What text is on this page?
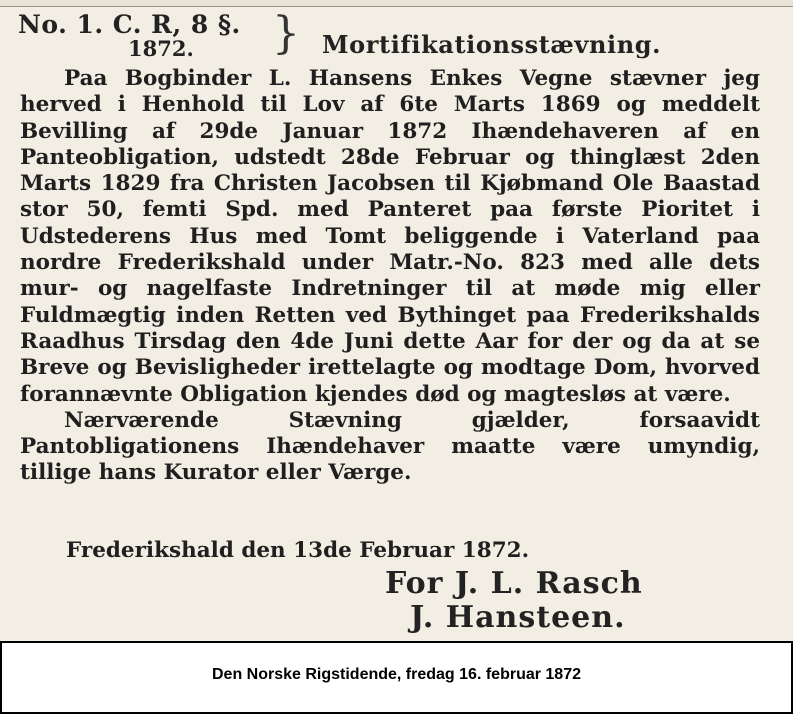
No. 1. C. R, 8 §.
1872. } Mortifikationsstævning.

Paa Bogbinder L. Hansens Enkes Vegne stævner jeg herved i Henhold til Lov af 6te Marts 1869 og meddelt Bevilling af 29de Januar 1872 Ihændehaveren af en Panteobligation, udstedt 28de Februar og thinglæst 2den Marts 1829 fra Christen Jacobsen til Kjøbmand Ole Baastad stor 50, femti Spd. med Panteret paa første Pioritet i Udstederens Hus med Tomt beliggende i Vaterland paa nordre Frederikshald under Matr.-No. 823 med alle dets mur- og nagelfaste Indretninger til at møde mig eller Fuldmægtig inden Retten ved Bythinget paa Frederikshalds Raadhus Tirsdag den 4de Juni dette Aar for der og da at se Breve og Bevisligheder irettelagte og modtage Dom, hvorved forannævnte Obligation kjendes død og magtesløs at være.

Nærværende Stævning gjælder, forsaavidt Pantobligationens Ihændehaver maatte være umyndig, tillige hans Kurator eller Værge.

Frederikshald den 13de Februar 1872.
For J. L. Rasch
J. Hansteen.
Den Norske Rigstidende, fredag 16. februar 1872
